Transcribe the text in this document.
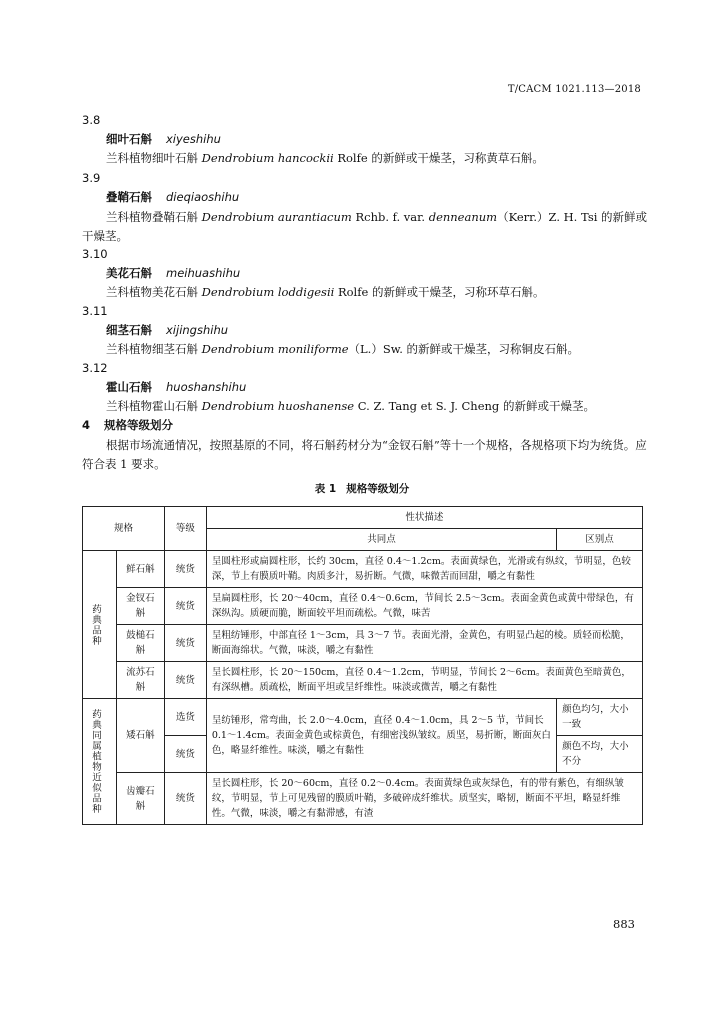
T/CACM 1021.113—2018
3.8
细叶石斛 xiyeshihu
兰科植物细叶石斛 Dendrobium hancockii Rolfe 的新鲜或干燥茎，习称黄草石斛。
3.9
叠鞘石斛 dieqiaoshihu
兰科植物叠鞘石斛 Dendrobium aurantiacum Rchb. f. var. denneanum（Kerr.）Z. H. Tsi 的新鲜或干燥茎。
3.10
美花石斛 meihuashihu
兰科植物美花石斛 Dendrobium loddigesii Rolfe 的新鲜或干燥茎，习称环草石斛。
3.11
细茎石斛 xijingshihu
兰科植物细茎石斛 Dendrobium moniliforme（L.）Sw. 的新鲜或干燥茎，习称铜皮石斛。
3.12
霍山石斛 huoshanshihu
兰科植物霍山石斛 Dendrobium huoshanense C. Z. Tang et S. J. Cheng 的新鲜或干燥茎。
4 规格等级划分
根据市场流通情况，按照基原的不同，将石斛药材分为“金钗石斛”等十一个规格，各规格项下均为统货。应符合表 1 要求。
表 1 规格等级划分
规格		等级	性状描述	
			共同点	区别点

药典品种	鲜石斛	统货	呈圆柱形或扁圆柱形，长约 30cm，直径 0.4～1.2cm。表面黄绿色，光滑或有纵纹，节明显，色较深，节上有膜质叶鞘。肉质多汁，易折断。气微，味微苦而回甜，嚼之有黏性	
	金钗石斛	统货	呈扁圆柱形，长 20～40cm，直径 0.4～0.6cm，节间长 2.5～3cm。表面金黄色或黄中带绿色，有深纵沟。质硬而脆，断面较平坦而疏松。气微，味苦	
	鼓槌石斛	统货	呈粗纺锤形，中部直径 1～3cm，具 3～7 节。表面光滑，金黄色，有明显凸起的棱。质轻而松脆，断面海绵状。气微，味淡，嚼之有黏性	
	流苏石斛	统货	呈长圆柱形，长 20～150cm，直径 0.4～1.2cm，节明显，节间长 2～6cm。表面黄色至暗黄色，有深纵槽。质疏松，断面平坦或呈纤维性。味淡或微苦，嚼之有黏性	

药典同属植物近似品种	矮石斛	选货	呈纺锤形，常弯曲，长 2.0～4.0cm，直径 0.4～1.0cm，具 2～5 节，节间长 0.1～1.4cm。表面金黄色或棕黄色，有细密浅纵皱纹。质坚，易折断，断面灰白色，略显纤维性。味淡，嚼之有黏性	颜色均匀，大小一致
		统货		颜色不均，大小不分
	齿瓣石斛	统货	呈长圆柱形，长 20～60cm，直径 0.2～0.4cm。表面黄绿色或灰绿色，有的带有紫色，有细纵皱纹，节明显，节上可见残留的膜质叶鞘，多破碎成纤维状。质坚实，略韧，断面不平坦，略显纤维性。气微，味淡，嚼之有黏滞感，有渣	
883
